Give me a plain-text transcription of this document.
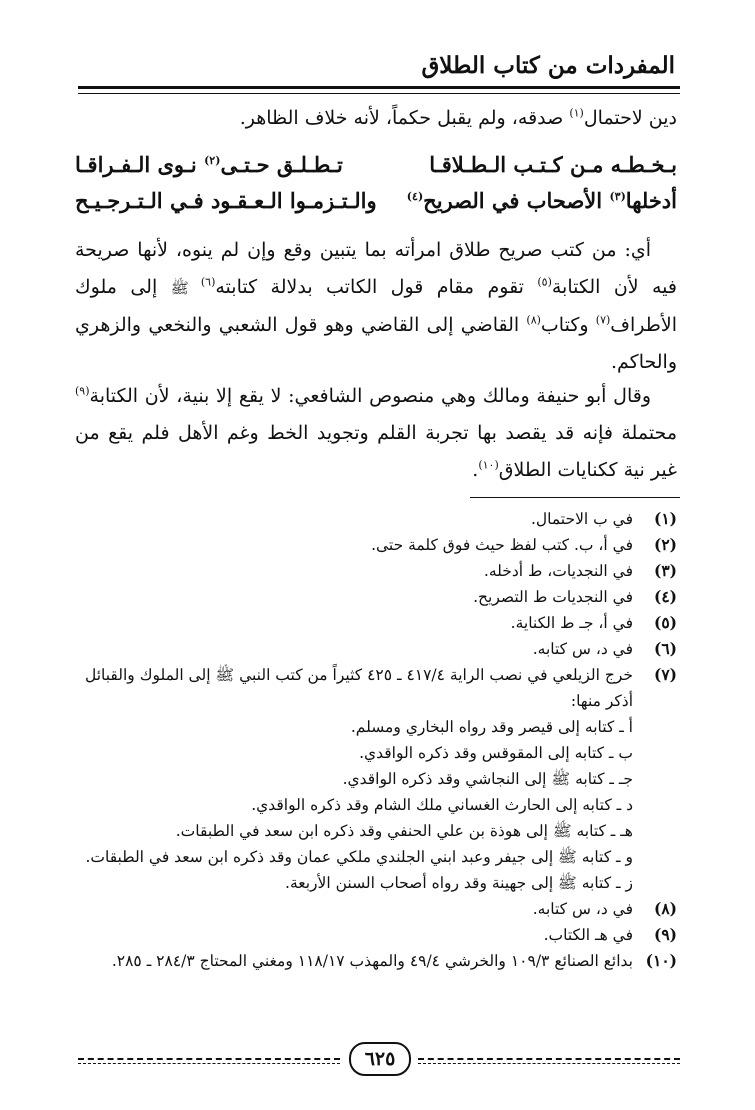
المفردات من كتاب الطلاق
دين لاحتمال$^{(١)}$ صدقه، ولم يقبل حكماً، لأنه خلاف الظاهر.
بـخـطـه مـن كـتـب الـطـلاقـا
تـطـلـق حـتـى$^{(٢)}$ نـوى الـفـراقـا
أدخلها$^{(٣)}$ الأصحاب في الصريح$^{(٤)}$
والـتـزمـوا الـعـقـود فـي الـتـرجـيـح
أي: من كتب صريح طلاق امرأته بما يتبين وقع وإن لم ينوه، لأنها صريحة فيه لأن الكتابة$^{(٥)}$ تقوم مقام قول الكاتب بدلالة كتابته$^{(٦)}$ ﷺ إلى ملوك الأطراف$^{(٧)}$ وكتاب$^{(٨)}$ القاضي إلى القاضي وهو قول الشعبي والنخعي والزهري والحاكم.
وقال أبو حنيفة ومالك وهي منصوص الشافعي: لا يقع إلا بنية، لأن الكتابة$^{(٩)}$ محتملة فإنه قد يقصد بها تجربة القلم وتجويد الخط وغم الأهل فلم يقع من غير نية ككنايات الطلاق$^{(١٠)}$.
(١)
في ب الاحتمال.
(٢)
في أ، ب. كتب لفظ حيث فوق كلمة حتى.
(٣)
في النجديات، ط أدخله.
(٤)
في النجديات ط التصريح.
(٥)
في أ، جـ ط الكناية.
(٦)
في د، س كتابه.
(٧)
خرج الزيلعي في نصب الراية ٤١٧/٤ ـ ٤٢٥ كثيراً من كتب النبي ﷺ إلى الملوك والقبائل أذكر منها:
أ ـ كتابه إلى قيصر وقد رواه البخاري ومسلم.
ب ـ كتابه إلى المقوقس وقد ذكره الواقدي.
جـ ـ كتابه ﷺ إلى النجاشي وقد ذكره الواقدي.
د ـ كتابه إلى الحارث الغساني ملك الشام وقد ذكره الواقدي.
هـ ـ كتابه ﷺ إلى هوذة بن علي الحنفي وقد ذكره ابن سعد في الطبقات.
و ـ كتابه ﷺ إلى جيفر وعبد ابني الجلندي ملكي عمان وقد ذكره ابن سعد في الطبقات.
ز ـ كتابه ﷺ إلى جهينة وقد رواه أصحاب السنن الأربعة.
(٨)
في د، س كتابه.
(٩)
في هـ الكتاب.
(١٠)
بدائع الصنائع ١٠٩/٣ والخرشي ٤٩/٤ والمهذب ١١٨/١٧ ومغني المحتاج ٢٨٤/٣ ـ ٢٨٥.
٦٢٥
